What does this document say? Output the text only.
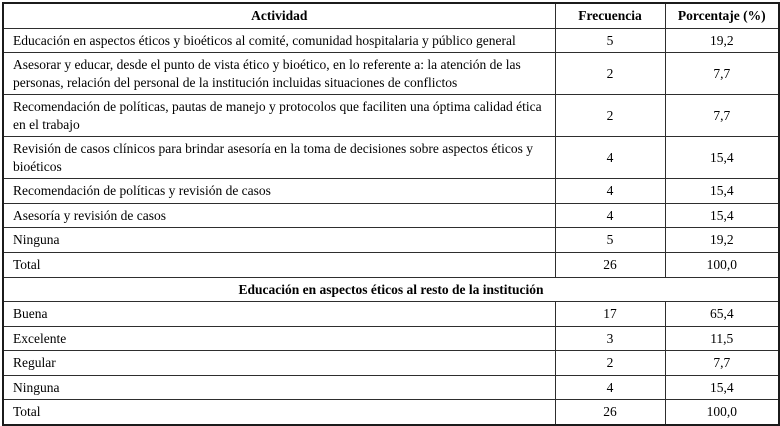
Actividad	Frecuencia	Porcentaje (%)
Educación en aspectos éticos y bioéticos al comité, comunidad hospitalaria y público general	5	19,2
Asesorar y educar, desde el punto de vista ético y bioético, en lo referente a: la atención de las personas, relación del personal de la institución incluidas situaciones de conflictos	2	7,7
Recomendación de políticas, pautas de manejo y protocolos que faciliten una óptima calidad ética en el trabajo	2	7,7
Revisión de casos clínicos para brindar asesoría en la toma de decisiones sobre aspectos éticos y bioéticos	4	15,4
Recomendación de políticas y revisión de casos	4	15,4
Asesoría y revisión de casos	4	15,4
Ninguna	5	19,2
Total	26	100,0
Educación en aspectos éticos al resto de la institución		
Buena	17	65,4
Excelente	3	11,5
Regular	2	7,7
Ninguna	4	15,4
Total	26	100,0
